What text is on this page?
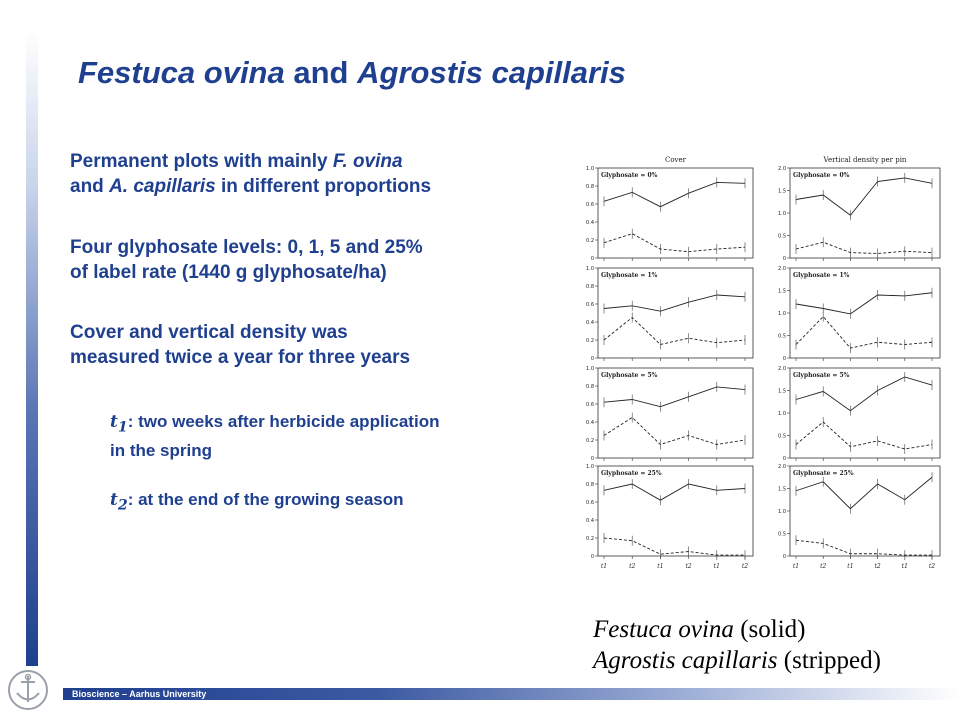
Bioscience – Aarhus University
Festuca ovina and Agrostis capillaris
Permanent plots with mainly F. ovina
and A. capillaris in different proportions
Four glyphosate levels: 0, 1, 5 and 25%
of label rate (1440 g glyphosate/ha)
Cover and vertical density was
measured twice a year for three years
$t_1$: two weeks after herbicide application
in the spring
$t_2$: at the end of the growing season
Cover
Glyphosate = 0%
0
0.2
0.4
0.6
0.8
1.0
Vertical density per pin
Glyphosate = 0%
0
0.5
1.0
1.5
2.0
Glyphosate = 1%
0
0.2
0.4
0.6
0.8
1.0
Glyphosate = 1%
0
0.5
1.0
1.5
2.0
Glyphosate = 5%
0
0.2
0.4
0.6
0.8
1.0
Glyphosate = 5%
0
0.5
1.0
1.5
2.0
Glyphosate = 25%
0
0.2
0.4
0.6
0.8
1.0
t1	t2	t1	t2	t1	t2
Glyphosate = 25%
0
0.5
1.0
1.5
2.0
t1	t2	t1	t2	t1	t2
Festuca ovina (solid)
Agrostis capillaris (stripped)
